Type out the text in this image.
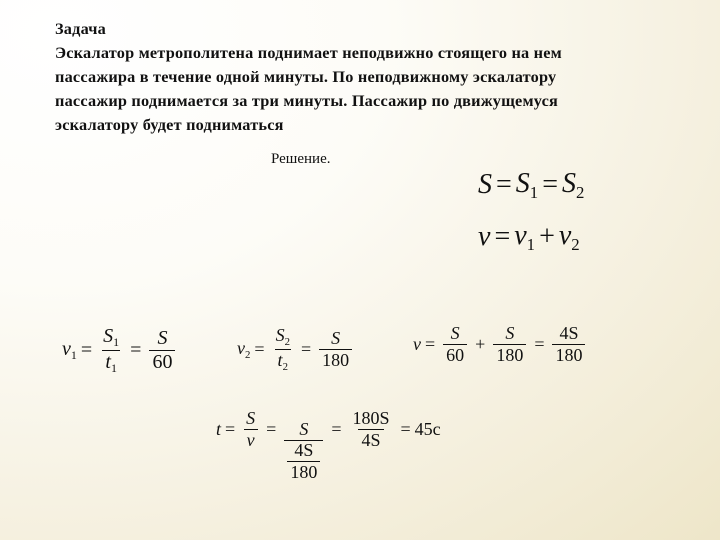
Задача
Эскалатор метрополитена поднимает неподвижно стоящего на нем
пассажира в течение одной минуты. По неподвижному эскалатору
пассажир поднимается за три минуты. Пассажир по движущемуся
эскалатору будет подниматься
Решение.
$S = S_1 = S_2$
$v = v_1 + v_2$
$v_1 = \frac{S_1}{t_1} = \frac{S}{60}$	$v_2 = \frac{S_2}{t_2} = \frac{S}{180}$	$v = \frac{S}{60} + \frac{S}{180} = \frac{4S}{180}$
$t = \frac{S}{v} = \frac{S}{\frac{4S}{180}} = \frac{180S}{4S} = 45c$
